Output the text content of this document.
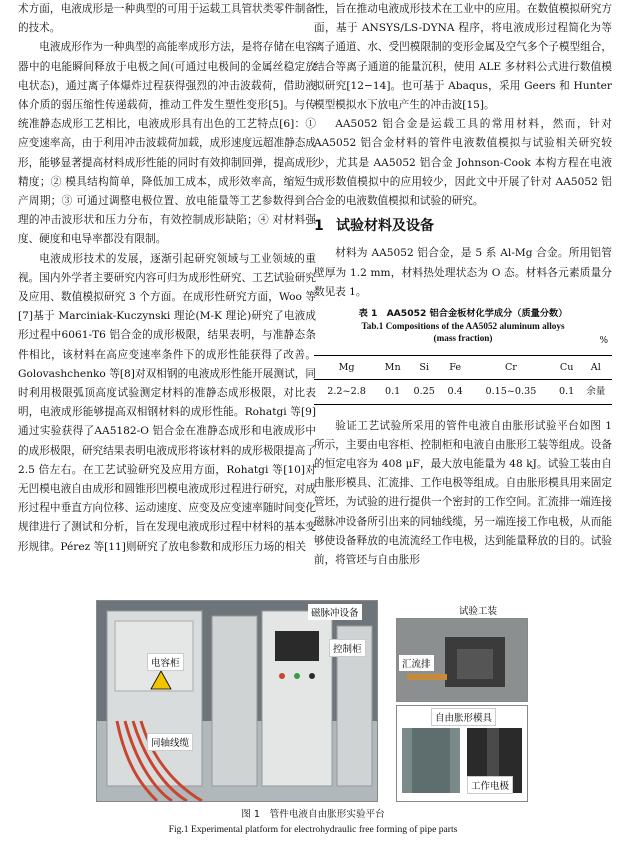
术方面，电液成形是一种典型的可用于运载工具管状类零件制备的技术。

电液成形作为一种典型的高能率成形方法，是将存储在电容器中的电能瞬间释放于电极之间(可通过电极间的金属丝稳定放电状态)，通过离子体爆炸过程获得强烈的冲击波载荷，借助液体介质的弱压缩性传递载荷，推动工件发生塑性变形[5]。与传统准静态成形工艺相比，电液成形具有出色的工艺特点[6]：① 应变速率高，由于利用冲击波载荷加载，成形速度远超准静态成形，能够显著提高材料成形性能的同时有效抑制回弹，提高成形精度；② 模具结构简单，降低加工成本，成形效率高，缩短生产周期；③ 可通过调整电极位置、放电能量等工艺参数得到合理的冲击波形状和压力分布，有效控制成形缺陷；④ 对材料强度、硬度和电导率都没有限制。

电液成形技术的发展，逐渐引起研究领域与工业领域的重视。国内外学者主要研究内容可归为成形性研究、工艺试验研究及应用、数值模拟研究 3 个方面。在成形性研究方面，Woo 等[7]基于 Marciniak-Kuczynski 理论(M-K 理论)研究了电液成形过程中6061-T6 铝合金的成形极限，结果表明，与准静态条件相比，该材料在高应变速率条件下的成形性能获得了改善。Golovashchenko 等[8]对双相钢的电液成形性能开展测试，同时利用极限弧顶高度试验测定材料的准静态成形极限，对比表明，电液成形能够提高双相钢材料的成形性能。Rohatgi 等[9]通过实验获得了AA5182-O 铝合金在准静态成形和电液成形中的成形极限，研究结果表明电液成形将该材料的成形极限提高了2.5 倍左右。在工艺试验研究及应用方面，Rohatgi 等[10]对无凹模电液自由成形和圆锥形凹模电液成形过程进行研究，对成形过程中垂直方向位移、运动速度、应变及应变速率随时间变化规律进行了测试和分析，旨在发现电液成形过程中材料的基本变形规律。Pérez 等[11]则研究了放电参数和成形压力场的相关

性，旨在推动电液成形技术在工业中的应用。在数值模拟研究方面，基于 ANSYS/LS-DYNA 程序，将电液成形过程简化为等离子通道、水、受凹模限制的变形金属及空气多个子模型组合，结合等离子通道的能量沉积，使用 ALE 多材料公式进行数值模拟研究[12−14]。也可基于 Abaqus，采用 Geers 和 Hunter 模型模拟水下放电产生的冲击波[15]。

AA5052 铝合金是运载工具的常用材料，然而，针对 AA5052 铝合金材料的管件电液数值模拟与试验相关研究较少，尤其是 AA5052 铝合金 Johnson-Cook 本构方程在电液成形数值模拟中的应用较少，因此文中开展了针对 AA5052 铝合金的电液数值模拟和试验的研究。

1 试验材料及设备

材料为 AA5052 铝合金，是 5 系 Al-Mg 合金。所用铝管壁厚为 1.2 mm，材料热处理状态为 O 态。材料各元素质量分数见表 1。

表 1　AA5052 铝合金板材化学成分（质量分数）
Tab.1 Compositions of the AA5052 aluminum alloys
(mass fraction)	%
Mg	Mn	Si	Fe	Cr	Cu	Al
2.2~2.8	0.1	0.25	0.4	0.15~0.35	0.1	余量

验证工艺试验所采用的管件电液自由胀形试验平台如图 1 所示，主要由电容柜、控制柜和电液自由胀形工装等组成。设备的恒定电容为 408 μF，最大放电能量为 48 kJ。试验工装由自由胀形模具、汇流排、工作电极等组成。自由胀形模具用来固定管坯，为试验的进行提供一个密封的工作空间。汇流排一端连接磁脉冲设备所引出来的同轴线缆，另一端连接工作电极，从而能够使设备释放的电流流经工作电极，达到能量释放的目的。试验前，将管坯与自由胀形

电容柜
控制柜
同轴线缆
磁脉冲设备
汇流排
试验工装
自由胀形模具
工作电极
图 1　管件电液自由胀形实验平台
Fig.1 Experimental platform for electrohydraulic free forming of pipe parts
